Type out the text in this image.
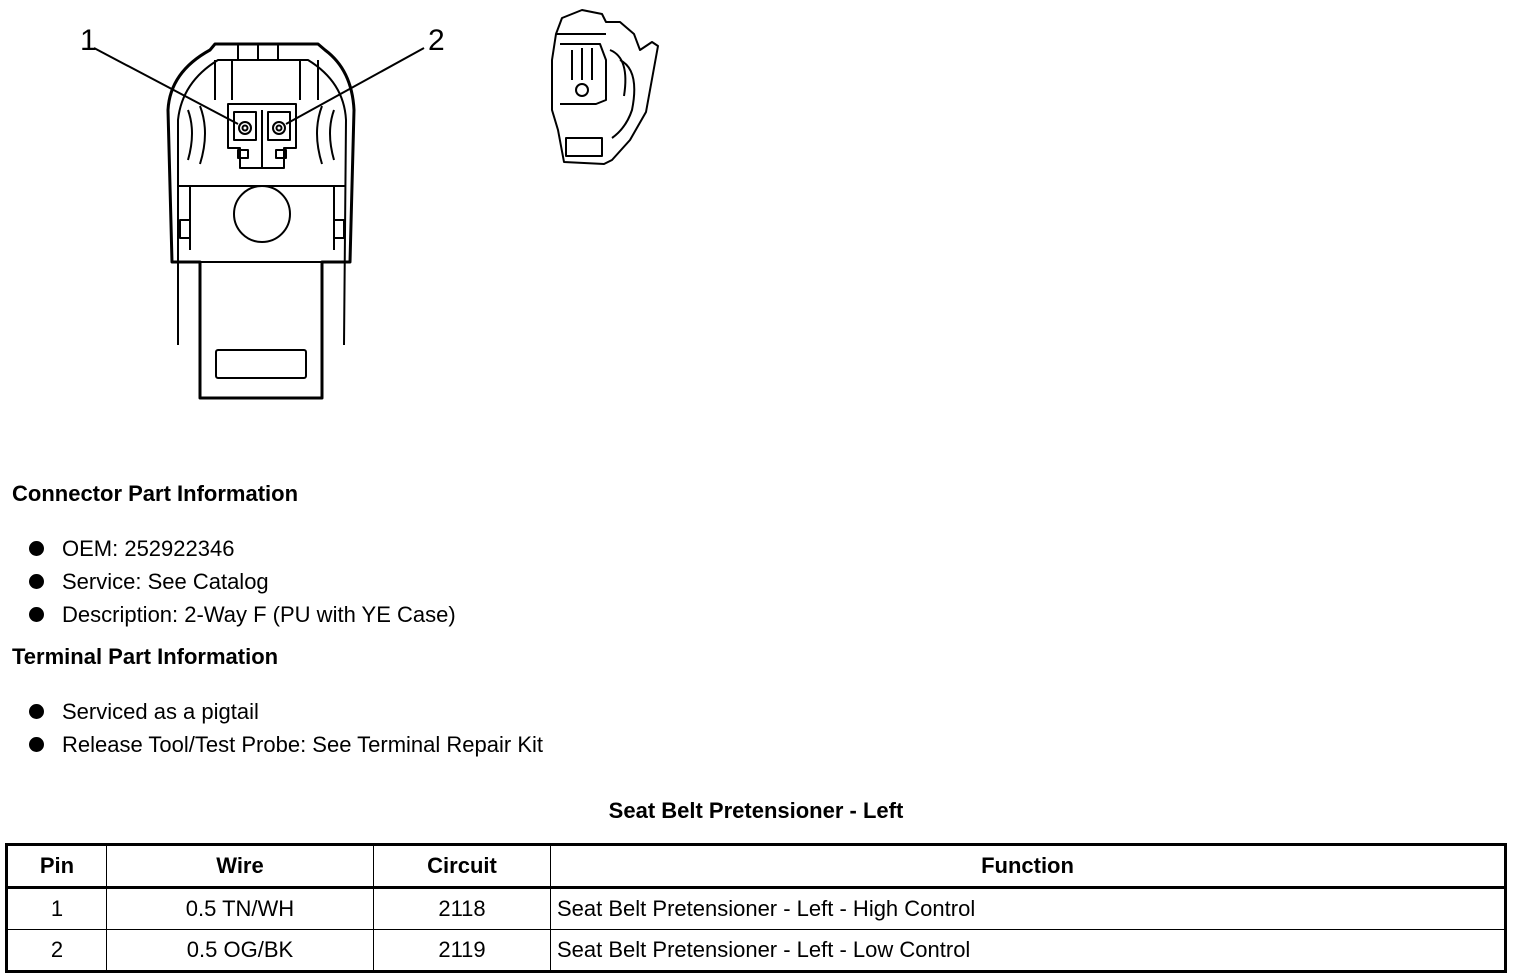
1	2
Connector Part Information
OEM: 252922346
Service: See Catalog
Description: 2-Way F (PU with YE Case)
Terminal Part Information
Serviced as a pigtail
Release Tool/Test Probe: See Terminal Repair Kit
Seat Belt Pretensioner - Left
Pin	Wire	Circuit	Function
1	0.5 TN/WH	2118	Seat Belt Pretensioner - Left - High Control
2	0.5 OG/BK	2119	Seat Belt Pretensioner - Left - Low Control
